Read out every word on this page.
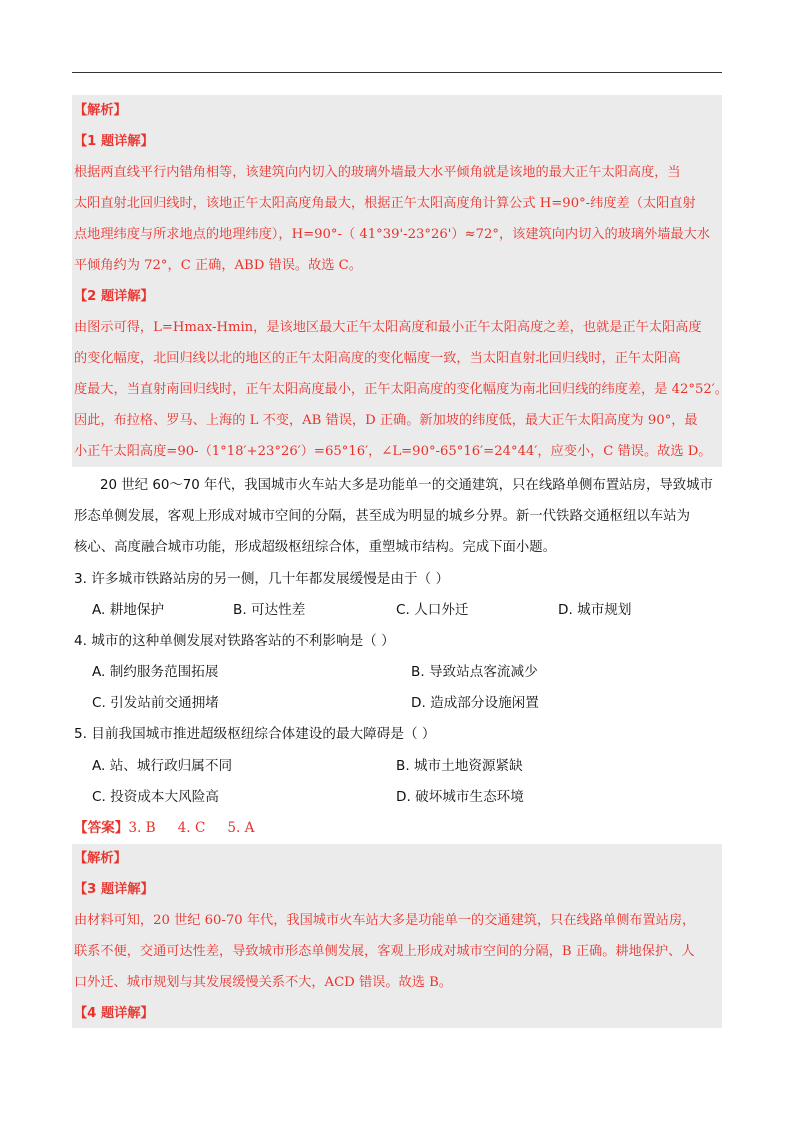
【解析】
【1 题详解】
根据两直线平行内错角相等，该建筑向内切入的玻璃外墙最大水平倾角就是该地的最大正午太阳高度，当
太阳直射北回归线时，该地正午太阳高度角最大，根据正午太阳高度角计算公式 H=90°-纬度差（太阳直射
点地理纬度与所求地点的地理纬度），H=90°-（ 41°39'-23°26'）≈72°，该建筑向内切入的玻璃外墙最大水
平倾角约为 72°，C 正确，ABD 错误。故选 C。
【2 题详解】
由图示可得，L=Hmax-Hmin，是该地区最大正午太阳高度和最小正午太阳高度之差，也就是正午太阳高度
的变化幅度，北回归线以北的地区的正午太阳高度的变化幅度一致，当太阳直射北回归线时，正午太阳高
度最大，当直射南回归线时，正午太阳高度最小，正午太阳高度的变化幅度为南北回归线的纬度差，是 42°52′。
因此，布拉格、罗马、上海的 L 不变，AB 错误，D 正确。新加坡的纬度低，最大正午太阳高度为 90°，最
小正午太阳高度=90-（1°18′+23°26′）=65°16′，∠L=90°-65°16′=24°44′，应变小，C 错误。故选 D。
20 世纪 60～70 年代，我国城市火车站大多是功能单一的交通建筑，只在线路单侧布置站房，导致城市
形态单侧发展，客观上形成对城市空间的分隔，甚至成为明显的城乡分界。新一代铁路交通枢纽以车站为
核心、高度融合城市功能，形成超级枢纽综合体，重塑城市结构。完成下面小题。
3. 许多城市铁路站房的另一侧，几十年都发展缓慢是由于（ ）
A. 耕地保护	B. 可达性差	C. 人口外迁	D. 城市规划
4. 城市的这种单侧发展对铁路客站的不利影响是（ ）
A. 制约服务范围拓展	B. 导致站点客流减少
C. 引发站前交通拥堵	D. 造成部分设施闲置
5. 目前我国城市推进超级枢纽综合体建设的最大障碍是（ ）
A. 站、城行政归属不同	B. 城市土地资源紧缺
C. 投资成本大风险高	D. 破坏城市生态环境
【答案】3. B 4. C 5. A
【解析】
【3 题详解】
由材料可知，20 世纪 60-70 年代，我国城市火车站大多是功能单一的交通建筑，只在线路单侧布置站房，
联系不便，交通可达性差，导致城市形态单侧发展，客观上形成对城市空间的分隔，B 正确。耕地保护、人
口外迁、城市规划与其发展缓慢关系不大，ACD 错误。故选 B。
【4 题详解】
